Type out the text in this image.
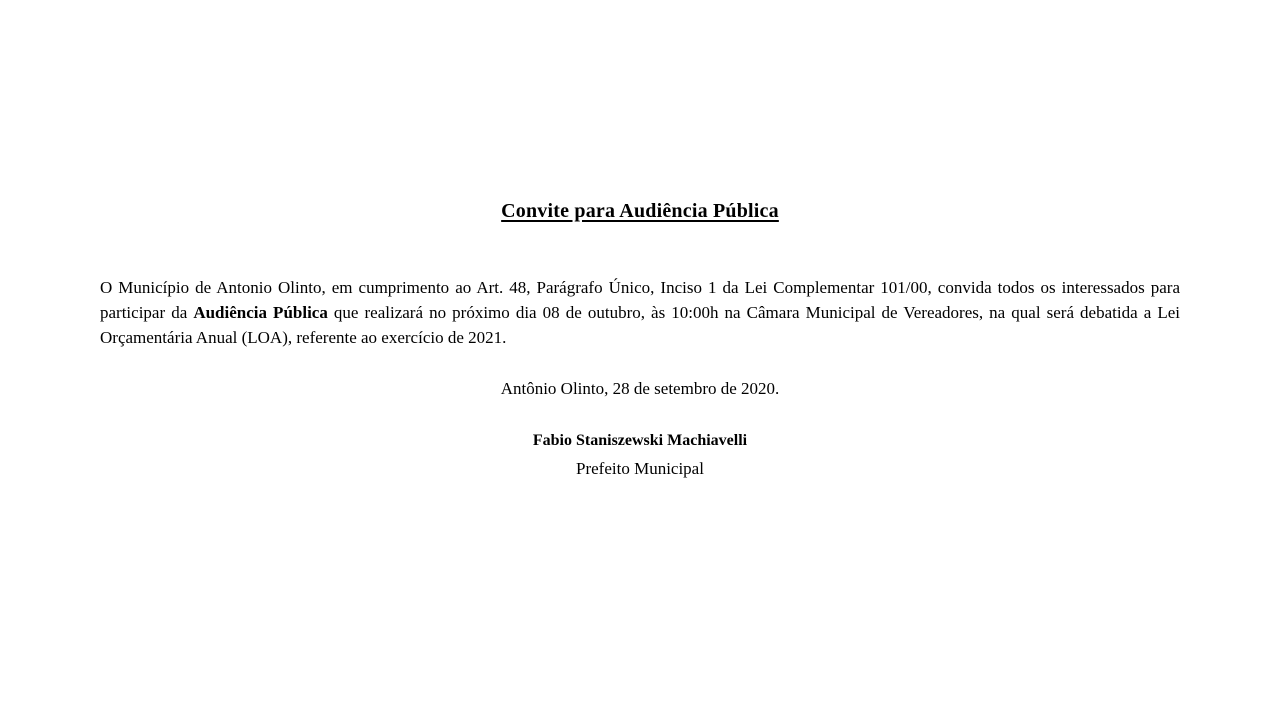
Convite para Audiência Pública

O Município de Antonio Olinto, em cumprimento ao Art. 48, Parágrafo Único, Inciso 1 da Lei Complementar 101/00, convida todos os interessados para participar da Audiência Pública que realizará no próximo dia 08 de outubro, às 10:00h na Câmara Municipal de Vereadores, na qual será debatida a Lei Orçamentária Anual (LOA), referente ao exercício de 2021.

Antônio Olinto, 28 de setembro de 2020.

Fabio Staniszewski Machiavelli

Prefeito Municipal
